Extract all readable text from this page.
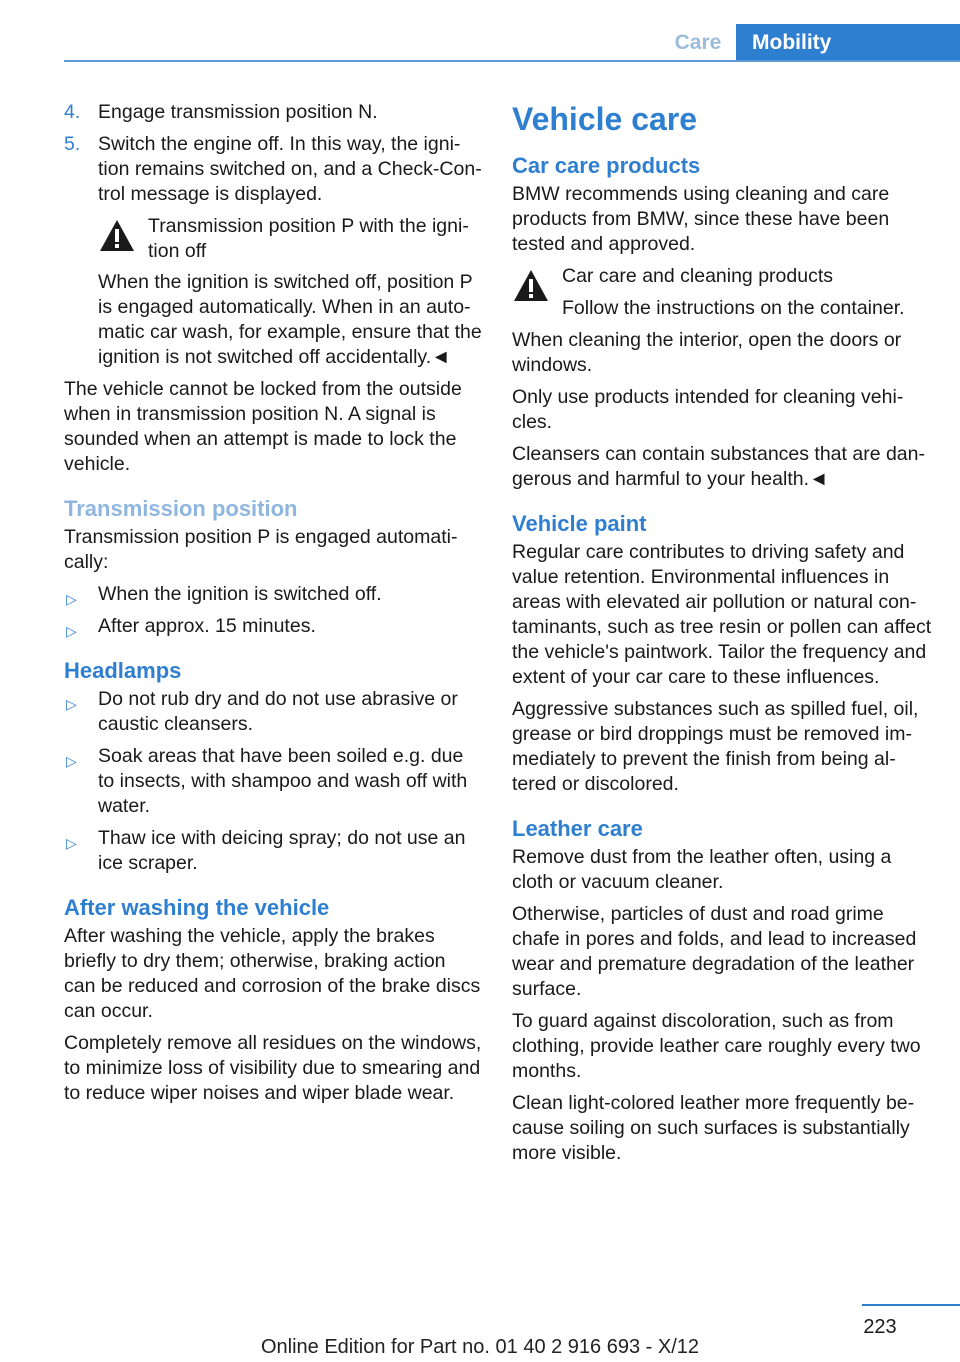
Care	Mobility
4. Engage transmission position N.
5. Switch the engine off. In this way, the ignition remains switched on, and a Check-Control message is displayed.
Transmission position P with the ignition off

When the ignition is switched off, position P is engaged automatically. When in an automatic car wash, for example, ensure that the ignition is not switched off accidentally.◄

The vehicle cannot be locked from the outside when in transmission position N. A signal is sounded when an attempt is made to lock the vehicle.

Transmission position

Transmission position P is engaged automatically:

▷ When the ignition is switched off.
▷ After approx. 15 minutes.
Headlamps
▷ Do not rub dry and do not use abrasive or caustic cleansers.
▷ Soak areas that have been soiled e.g. due to insects, with shampoo and wash off with water.
▷ Thaw ice with deicing spray; do not use an ice scraper.
After washing the vehicle

After washing the vehicle, apply the brakes briefly to dry them; otherwise, braking action can be reduced and corrosion of the brake discs can occur.

Completely remove all residues on the windows, to minimize loss of visibility due to smearing and to reduce wiper noises and wiper blade wear.

Vehicle care
Car care products

BMW recommends using cleaning and care products from BMW, since these have been tested and approved.

Car care and cleaning products

Follow the instructions on the container.

When cleaning the interior, open the doors or windows.

Only use products intended for cleaning vehicles.

Cleansers can contain substances that are dangerous and harmful to your health.◄

Vehicle paint

Regular care contributes to driving safety and value retention. Environmental influences in areas with elevated air pollution or natural contaminants, such as tree resin or pollen can affect the vehicle's paintwork. Tailor the frequency and extent of your car care to these influences.

Aggressive substances such as spilled fuel, oil, grease or bird droppings must be removed immediately to prevent the finish from being altered or discolored.

Leather care

Remove dust from the leather often, using a cloth or vacuum cleaner.

Otherwise, particles of dust and road grime chafe in pores and folds, and lead to increased wear and premature degradation of the leather surface.

To guard against discoloration, such as from clothing, provide leather care roughly every two months.

Clean light-colored leather more frequently because soiling on such surfaces is substantially more visible.

223
Online Edition for Part no. 01 40 2 916 693 - X/12
